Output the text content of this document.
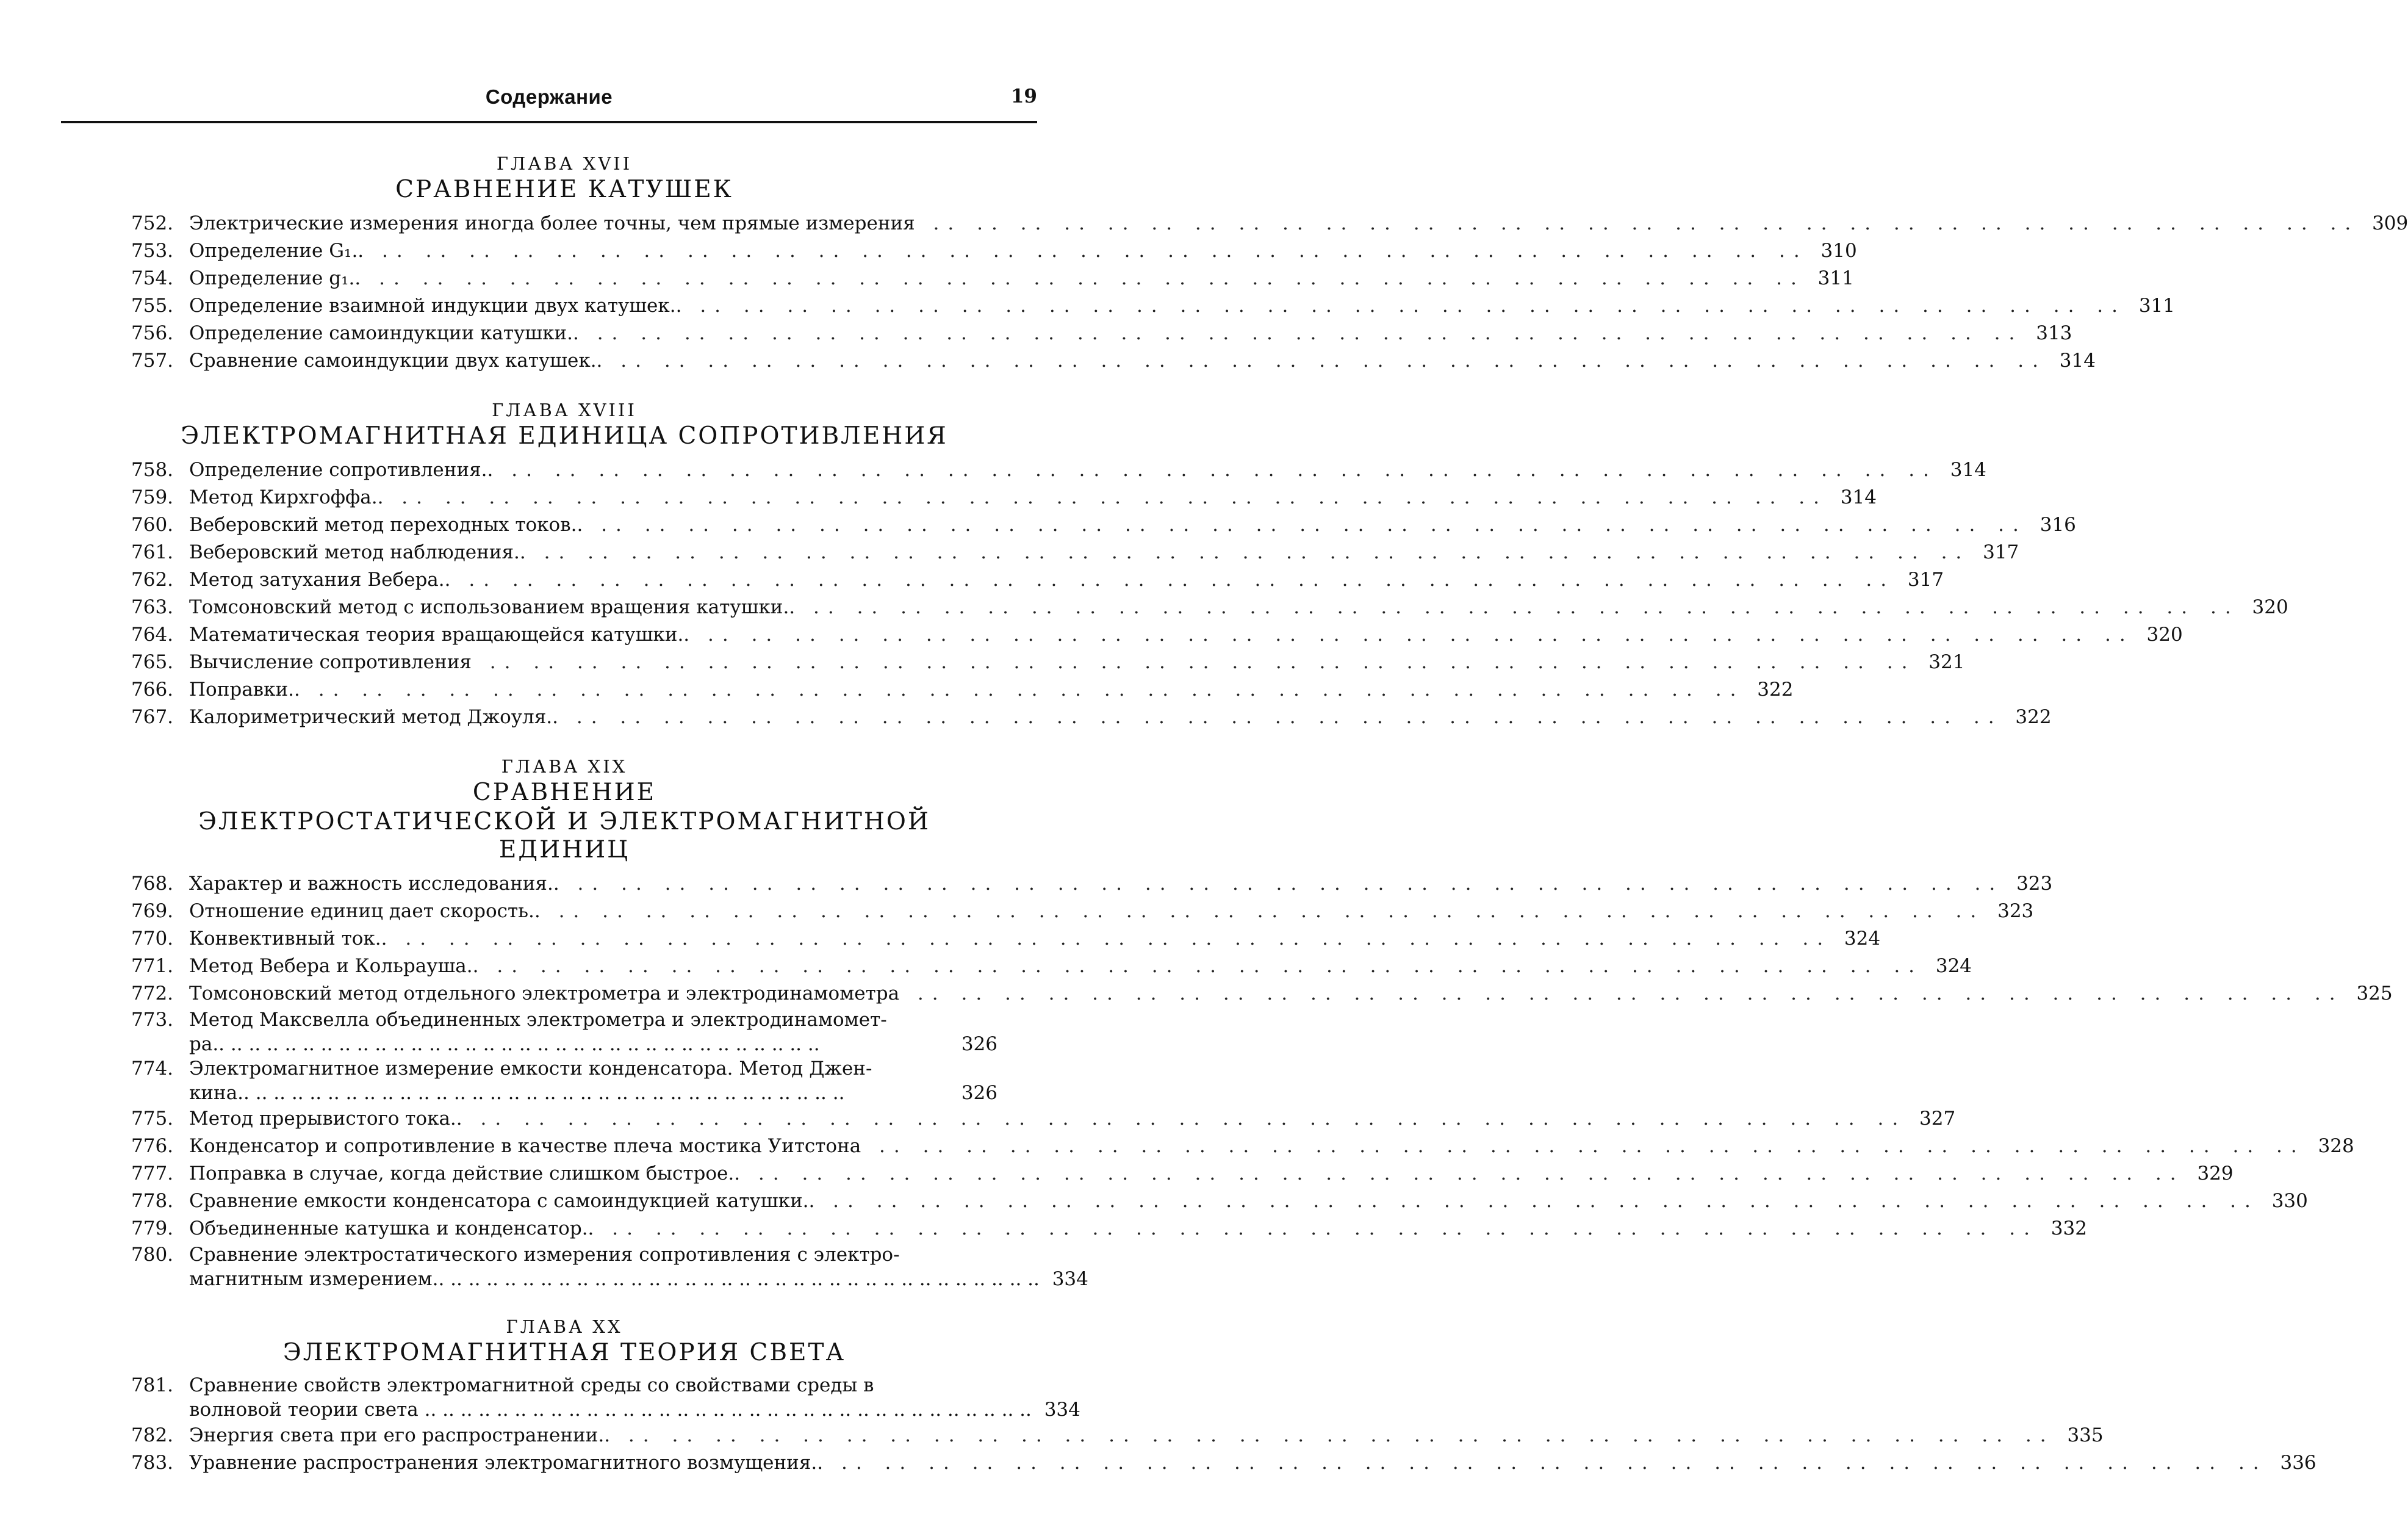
Содержание	19
ГЛАВА XVII
СРАВНЕНИЕ КАТУШЕК
752. Электрические измерения иногда более точны, чем прямые измерения .. .. .. .. .. .. .. .. .. .. .. .. .. .. .. .. .. .. .. .. .. .. .. .. .. .. .. .. .. .. .. .. .. 309
753. Определение G₁.. .. .. .. .. .. .. .. .. .. .. .. .. .. .. .. .. .. .. .. .. .. .. .. .. .. .. .. .. .. .. .. .. .. 310
754. Определение g₁.. .. .. .. .. .. .. .. .. .. .. .. .. .. .. .. .. .. .. .. .. .. .. .. .. .. .. .. .. .. .. .. .. .. 311
755. Определение взаимной индукции двух катушек.. .. .. .. .. .. .. .. .. .. .. .. .. .. .. .. .. .. .. .. .. .. .. .. .. .. .. .. .. .. .. .. .. .. 311
756. Определение самоиндукции катушки.. .. .. .. .. .. .. .. .. .. .. .. .. .. .. .. .. .. .. .. .. .. .. .. .. .. .. .. .. .. .. .. .. .. 313
757. Сравнение самоиндукции двух катушек.. .. .. .. .. .. .. .. .. .. .. .. .. .. .. .. .. .. .. .. .. .. .. .. .. .. .. .. .. .. .. .. .. .. 314
ГЛАВА XVIII
ЭЛЕКТРОМАГНИТНАЯ ЕДИНИЦА СОПРОТИВЛЕНИЯ
758. Определение сопротивления.. .. .. .. .. .. .. .. .. .. .. .. .. .. .. .. .. .. .. .. .. .. .. .. .. .. .. .. .. .. .. .. .. .. 314
759. Метод Кирхгоффа.. .. .. .. .. .. .. .. .. .. .. .. .. .. .. .. .. .. .. .. .. .. .. .. .. .. .. .. .. .. .. .. .. .. 314
760. Веберовский метод переходных токов.. .. .. .. .. .. .. .. .. .. .. .. .. .. .. .. .. .. .. .. .. .. .. .. .. .. .. .. .. .. .. .. .. .. 316
761. Веберовский метод наблюдения.. .. .. .. .. .. .. .. .. .. .. .. .. .. .. .. .. .. .. .. .. .. .. .. .. .. .. .. .. .. .. .. .. .. 317
762. Метод затухания Вебера.. .. .. .. .. .. .. .. .. .. .. .. .. .. .. .. .. .. .. .. .. .. .. .. .. .. .. .. .. .. .. .. .. .. 317
763. Томсоновский метод с использованием вращения катушки.. .. .. .. .. .. .. .. .. .. .. .. .. .. .. .. .. .. .. .. .. .. .. .. .. .. .. .. .. .. .. .. .. .. 320
764. Математическая теория вращающейся катушки.. .. .. .. .. .. .. .. .. .. .. .. .. .. .. .. .. .. .. .. .. .. .. .. .. .. .. .. .. .. .. .. .. .. 320
765. Вычисление сопротивления .. .. .. .. .. .. .. .. .. .. .. .. .. .. .. .. .. .. .. .. .. .. .. .. .. .. .. .. .. .. .. .. .. 321
766. Поправки.. .. .. .. .. .. .. .. .. .. .. .. .. .. .. .. .. .. .. .. .. .. .. .. .. .. .. .. .. .. .. .. .. .. 322
767. Калориметрический метод Джоуля.. .. .. .. .. .. .. .. .. .. .. .. .. .. .. .. .. .. .. .. .. .. .. .. .. .. .. .. .. .. .. .. .. .. 322
ГЛАВА XIX
СРАВНЕНИЕ
ЭЛЕКТРОСТАТИЧЕСКОЙ И ЭЛЕКТРОМАГНИТНОЙ ЕДИНИЦ
768. Характер и важность исследования.. .. .. .. .. .. .. .. .. .. .. .. .. .. .. .. .. .. .. .. .. .. .. .. .. .. .. .. .. .. .. .. .. .. 323
769. Отношение единиц дает скорость.. .. .. .. .. .. .. .. .. .. .. .. .. .. .. .. .. .. .. .. .. .. .. .. .. .. .. .. .. .. .. .. .. .. 323
770. Конвективный ток.. .. .. .. .. .. .. .. .. .. .. .. .. .. .. .. .. .. .. .. .. .. .. .. .. .. .. .. .. .. .. .. .. .. 324
771. Метод Вебера и Кольрауша.. .. .. .. .. .. .. .. .. .. .. .. .. .. .. .. .. .. .. .. .. .. .. .. .. .. .. .. .. .. .. .. .. .. 324
772. Томсоновский метод отдельного электрометра и электродинамометра .. .. .. .. .. .. .. .. .. .. .. .. .. .. .. .. .. .. .. .. .. .. .. .. .. .. .. .. .. .. .. .. .. 325
773. Метод Максвелла объединенных электрометра и электродинамомет-
ра.. .. .. .. .. .. .. .. .. .. .. .. .. .. .. .. .. .. .. .. .. .. .. .. .. .. .. .. .. .. .. .. .. ..	326
774. Электромагнитное измерение емкости конденсатора. Метод Джен-
кина.. .. .. .. .. .. .. .. .. .. .. .. .. .. .. .. .. .. .. .. .. .. .. .. .. .. .. .. .. .. .. .. .. ..	326
775. Метод прерывистого тока.. .. .. .. .. .. .. .. .. .. .. .. .. .. .. .. .. .. .. .. .. .. .. .. .. .. .. .. .. .. .. .. .. .. 327
776. Конденсатор и сопротивление в качестве плеча мостика Уитстона .. .. .. .. .. .. .. .. .. .. .. .. .. .. .. .. .. .. .. .. .. .. .. .. .. .. .. .. .. .. .. .. .. 328
777. Поправка в случае, когда действие слишком быстрое.. .. .. .. .. .. .. .. .. .. .. .. .. .. .. .. .. .. .. .. .. .. .. .. .. .. .. .. .. .. .. .. .. .. 329
778. Сравнение емкости конденсатора с самоиндукцией катушки.. .. .. .. .. .. .. .. .. .. .. .. .. .. .. .. .. .. .. .. .. .. .. .. .. .. .. .. .. .. .. .. .. .. 330
779. Объединенные катушка и конденсатор.. .. .. .. .. .. .. .. .. .. .. .. .. .. .. .. .. .. .. .. .. .. .. .. .. .. .. .. .. .. .. .. .. .. 332
780. Сравнение электростатического измерения сопротивления с электро-
магнитным измерением.. .. .. .. .. .. .. .. .. .. .. .. .. .. .. .. .. .. .. .. .. .. .. .. .. .. .. .. .. .. .. .. .. .. 334
ГЛАВА XX
ЭЛЕКТРОМАГНИТНАЯ ТЕОРИЯ СВЕТА
781. Сравнение свойств электромагнитной среды со свойствами среды в
волновой теории света .. .. .. .. .. .. .. .. .. .. .. .. .. .. .. .. .. .. .. .. .. .. .. .. .. .. .. .. .. .. .. .. .. .. 334
782. Энергия света при его распространении.. .. .. .. .. .. .. .. .. .. .. .. .. .. .. .. .. .. .. .. .. .. .. .. .. .. .. .. .. .. .. .. .. .. 335
783. Уравнение распространения электромагнитного возмущения.. .. .. .. .. .. .. .. .. .. .. .. .. .. .. .. .. .. .. .. .. .. .. .. .. .. .. .. .. .. .. .. .. .. 336
